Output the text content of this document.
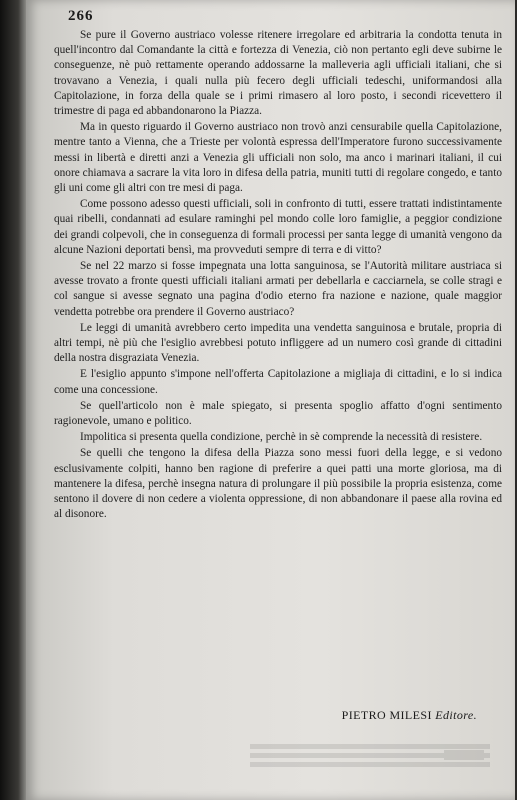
266

Se pure il Governo austriaco volesse ritenere irregolare ed arbitraria la condotta tenuta in quell'incontro dal Comandante la città e fortezza di Venezia, ciò non pertanto egli deve subirne le conseguenze, nè può rettamente operando addossarne la malleveria agli ufficiali italiani, che si trovavano a Venezia, i quali nulla più fecero degli ufficiali tedeschi, uniformandosi alla Capitolazione, in forza della quale se i primi rimasero al loro posto, i secondi ricevettero il trimestre di paga ed abbandonarono la Piazza.

Ma in questo riguardo il Governo austriaco non trovò anzi censurabile quella Capitolazione, mentre tanto a Vienna, che a Trieste per volontà espressa dell'Imperatore furono successivamente messi in libertà e diretti anzi a Venezia gli ufficiali non solo, ma anco i marinari italiani, il cui onore chiamava a sacrare la vita loro in difesa della patria, muniti tutti di regolare congedo, e tanto gli uni come gli altri con tre mesi di paga.

Come possono adesso questi ufficiali, soli in confronto di tutti, essere trattati indistintamente quai ribelli, condannati ad esulare raminghi pel mondo colle loro famiglie, a peggior condizione dei grandi colpevoli, che in conseguenza di formali processi per santa legge di umanità vengono da alcune Nazioni deportati bensì, ma provveduti sempre di terra e di vitto?

Se nel 22 marzo si fosse impegnata una lotta sanguinosa, se l'Autorità militare austriaca si avesse trovato a fronte questi ufficiali italiani armati per debellarla e cacciarnela, se colle stragi e col sangue si avesse segnato una pagina d'odio eterno fra nazione e nazione, quale maggior vendetta potrebbe ora prendere il Governo austriaco?

Le leggi di umanità avrebbero certo impedita una vendetta sanguinosa e brutale, propria di altri tempi, nè più che l'esiglio avrebbesi potuto infliggere ad un numero così grande di cittadini della nostra disgraziata Venezia.

E l'esiglio appunto s'impone nell'offerta Capitolazione a migliaja di cittadini, e lo si indica come una concessione.

Se quell'articolo non è male spiegato, si presenta spoglio affatto d'ogni sentimento ragionevole, umano e politico.

Impolitica si presenta quella condizione, perchè in sè comprende la necessità di resistere.

Se quelli che tengono la difesa della Piazza sono messi fuori della legge, e si vedono esclusivamente colpiti, hanno ben ragione di preferire a quei patti una morte gloriosa, ma di mantenere la difesa, perchè insegna natura di prolungare il più possibile la propria esistenza, come sentono il dovere di non cedere a violenta oppressione, di non abbandonare il paese alla rovina ed al disonore.

PIETRO MILESI Editore.
